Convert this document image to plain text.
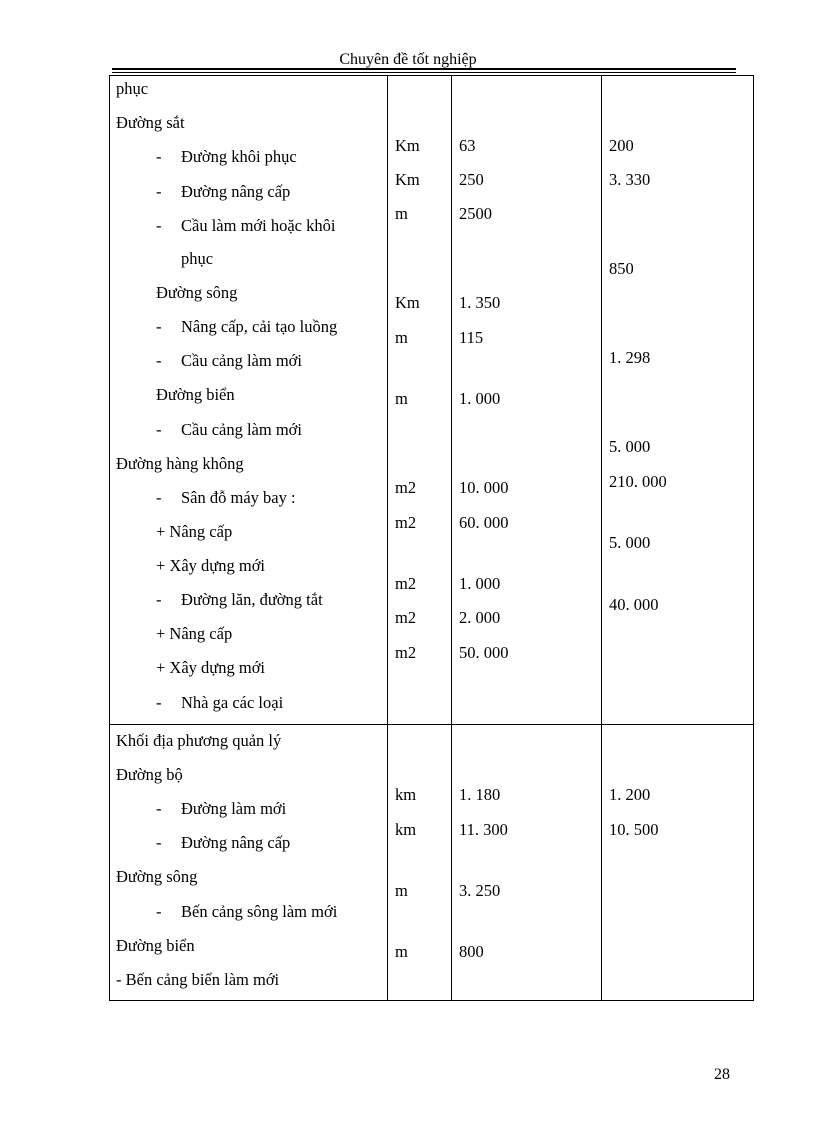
Chuyên đề tốt nghiệp
phục
Đường sắt
- Đường khôi phục
- Đường nâng cấp
- Cầu làm mới hoặc khôi
phục
Đường sông
- Nâng cấp, cải tạo luồng
- Cầu cảng làm mới
Đường biển
- Cầu cảng làm mới
Đường hàng không
- Sân đỗ máy bay :
+ Nâng cấp
+ Xây dựng mới
- Đường lăn, đường tắt
+ Nâng cấp
+ Xây dựng mới
- Nhà ga các loại
Km
Km
m
Km
m
m
m2
m2
m2
m2
m2
63
250
2500
1. 350
115
1. 000
10. 000
60. 000
1. 000
2. 000
50. 000
200
3. 330
850
1. 298
5. 000
210. 000
5. 000
40. 000
Khối địa phương quản lý
Đường bộ
- Đường làm mới
- Đường nâng cấp
Đường sông
- Bến cảng sông làm mới
Đường biển
- Bến cảng biển làm mới
km
km
m
m
1. 180
11. 300
3. 250
800
1. 200
10. 500
28
